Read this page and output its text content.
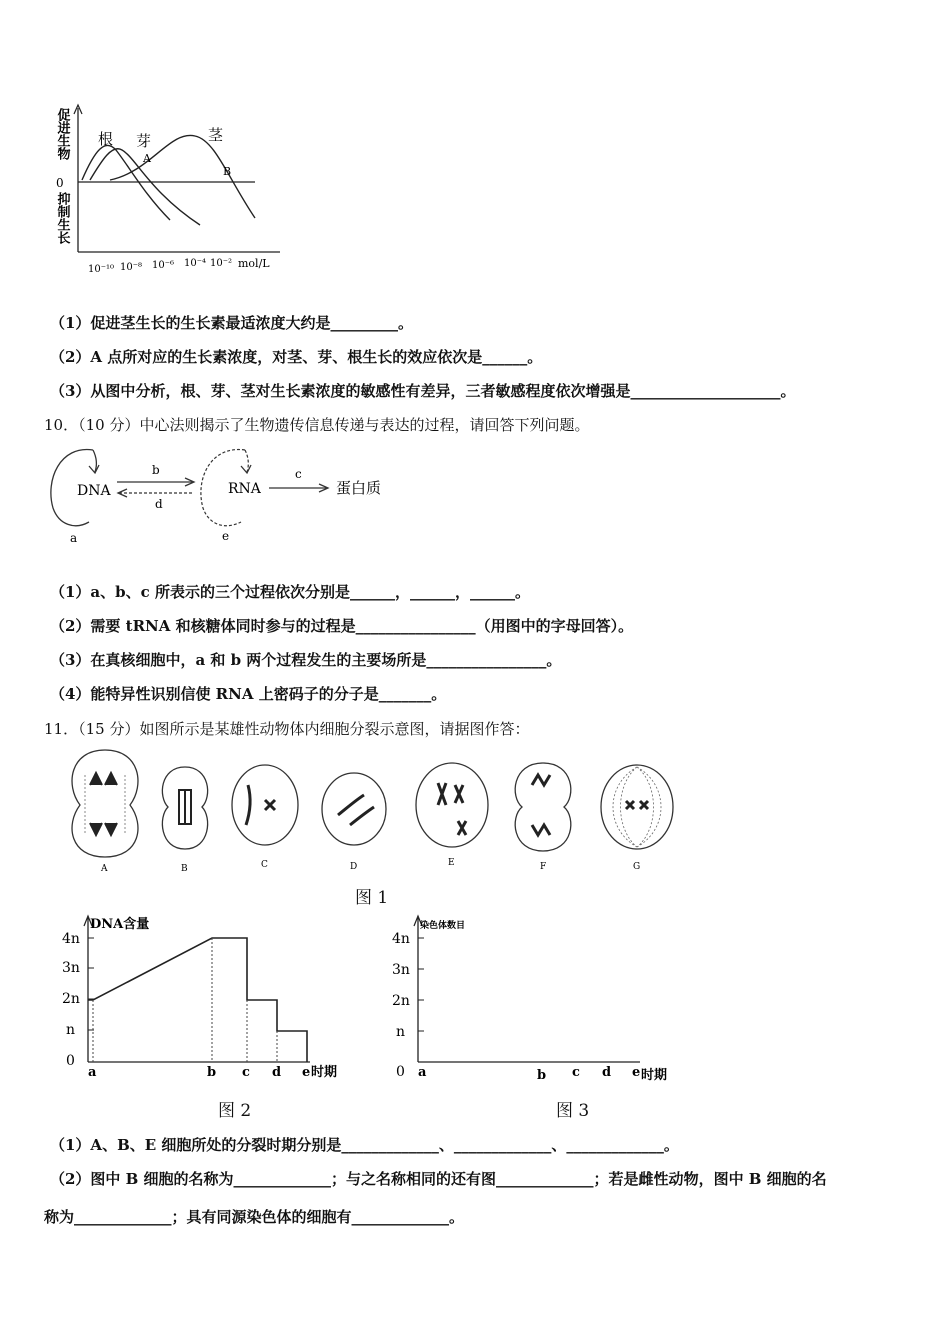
促进生物
0
抑制生长
根 芽	茎
A
B
10⁻¹⁰ 10⁻⁸ 10⁻⁶ 10⁻⁴ 10⁻² mol/L
（1）促进茎生长的生长素最适浓度大约是_________。
（2）A 点所对应的生长素浓度，对茎、芽、根生长的效应依次是______。
（3）从图中分析，根、芽、茎对生长素浓度的敏感性有差异，三者敏感程度依次增强是____________________。
10．（10 分）中心法则揭示了生物遗传信息传递与表达的过程，请回答下列问题。
DNA
a
b
d
RNA
e
c
蛋白质
（1）a、b、c 所表示的三个过程依次分别是______，______，______。
（2）需要 tRNA 和核糖体同时参与的过程是________________（用图中的字母回答）。
（3）在真核细胞中，a 和 b 两个过程发生的主要场所是________________。
（4）能特异性识别信使 RNA 上密码子的分子是_______。
11．（15 分）如图所示是某雄性动物体内细胞分裂示意图，请据图作答：
A	B	C	D	E	F	G
图 1
DNA含量
4n
3n
2n
n
0
a	b c d e 时期
图 2
染色体数目
4n
3n
2n
n
0 a	b c d e 时期
图 3
（1）A、B、E 细胞所处的分裂时期分别是_____________、_____________、_____________。
（2）图中 B 细胞的名称为_____________；与之名称相同的还有图_____________；若是雌性动物，图中 B 细胞的名
称为_____________；具有同源染色体的细胞有_____________。
